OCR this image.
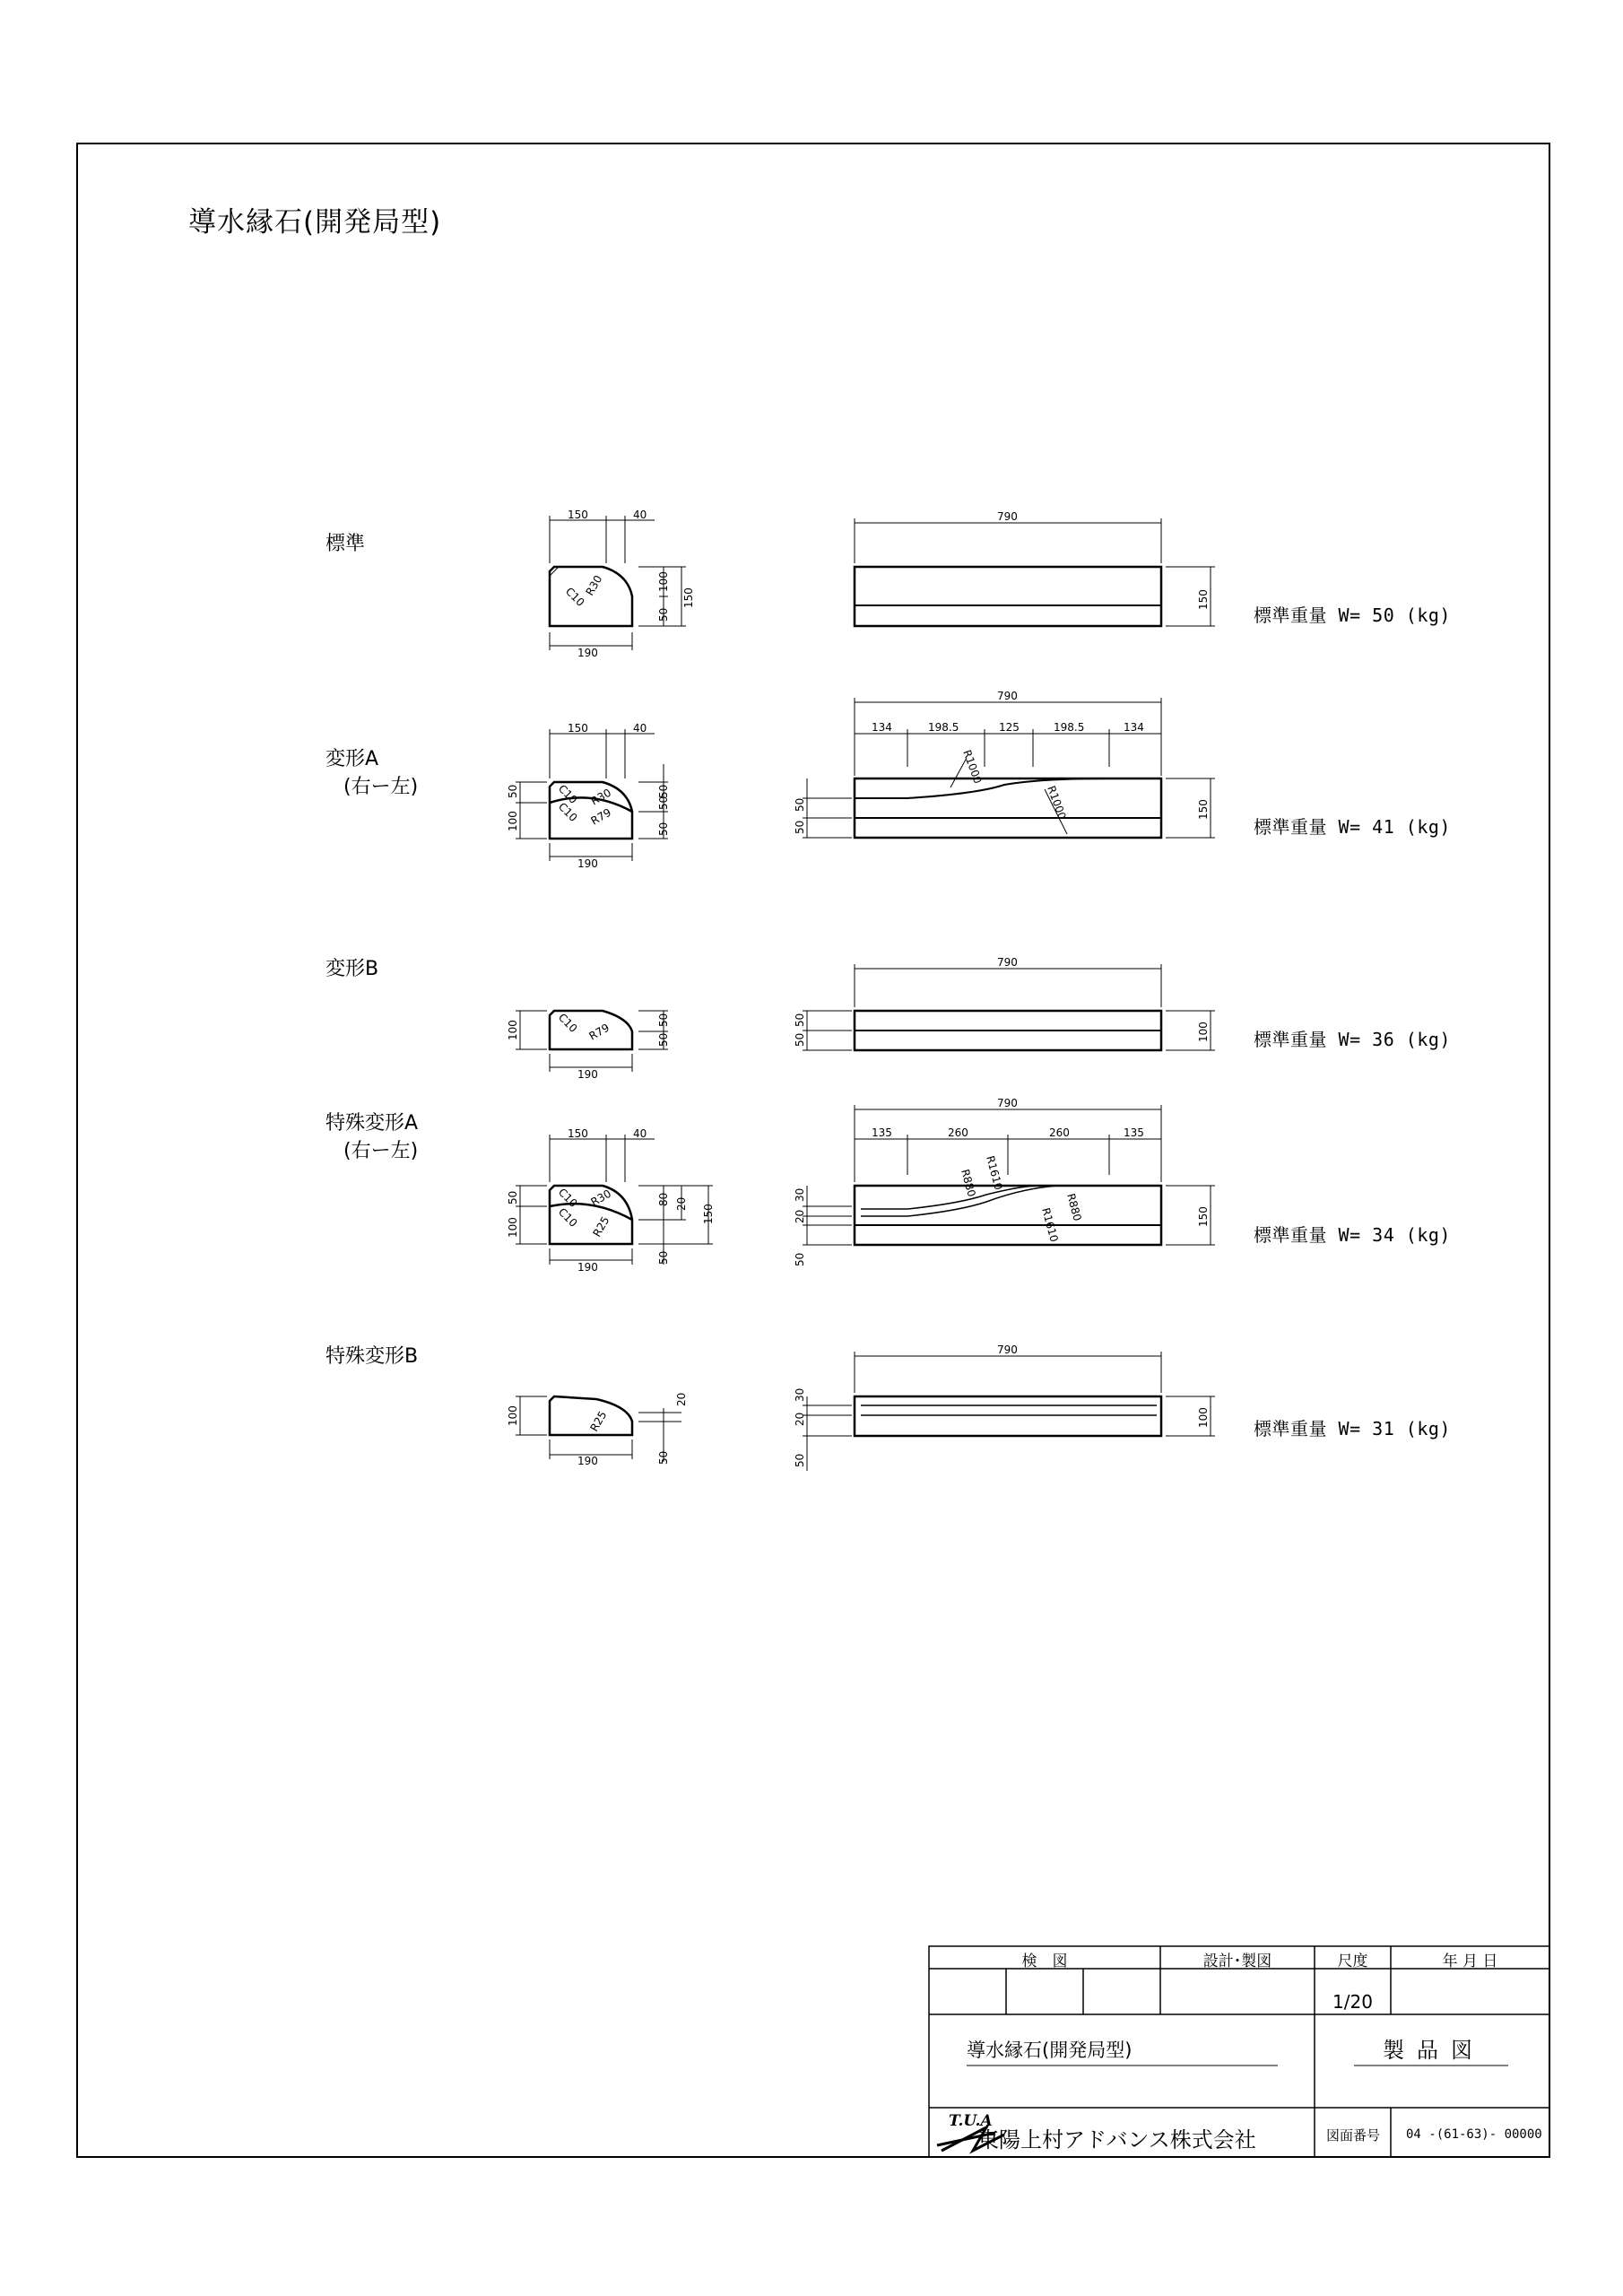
150	40
190
C10
R30	100
50
150
790
150
150	40
190
C10
C10
R30
R79
50
100
50
50
50
790
134	198.5	125	198.5	134
R1000
R1000
50
50
150
190
C10 R79
100	50
50
790
50
50	100
150	40
190
C10
C10
R30
R25
50
100
80 20 150
50
790
135	260	260	135
R880 R1610
R880
R1610
30
20
50
150
190
R25
100
20
50
790
30
20
50
100
T.U.A
導水縁石(開発局型)
標準
変形A
(右ー左)
変形B
特殊変形A
(右ー左)
特殊変形B
標準重量 W= 50 (kg)
標準重量 W= 41 (kg)
標準重量 W= 36 (kg)
標準重量 W= 34 (kg)
標準重量 W= 31 (kg)
検　図	設計･製図	尺度	年 月 日
1/20
導水縁石(開発局型)	製品図
東陽上村アドバンス株式会社	図面番号	04 -(61-63)- 00000
